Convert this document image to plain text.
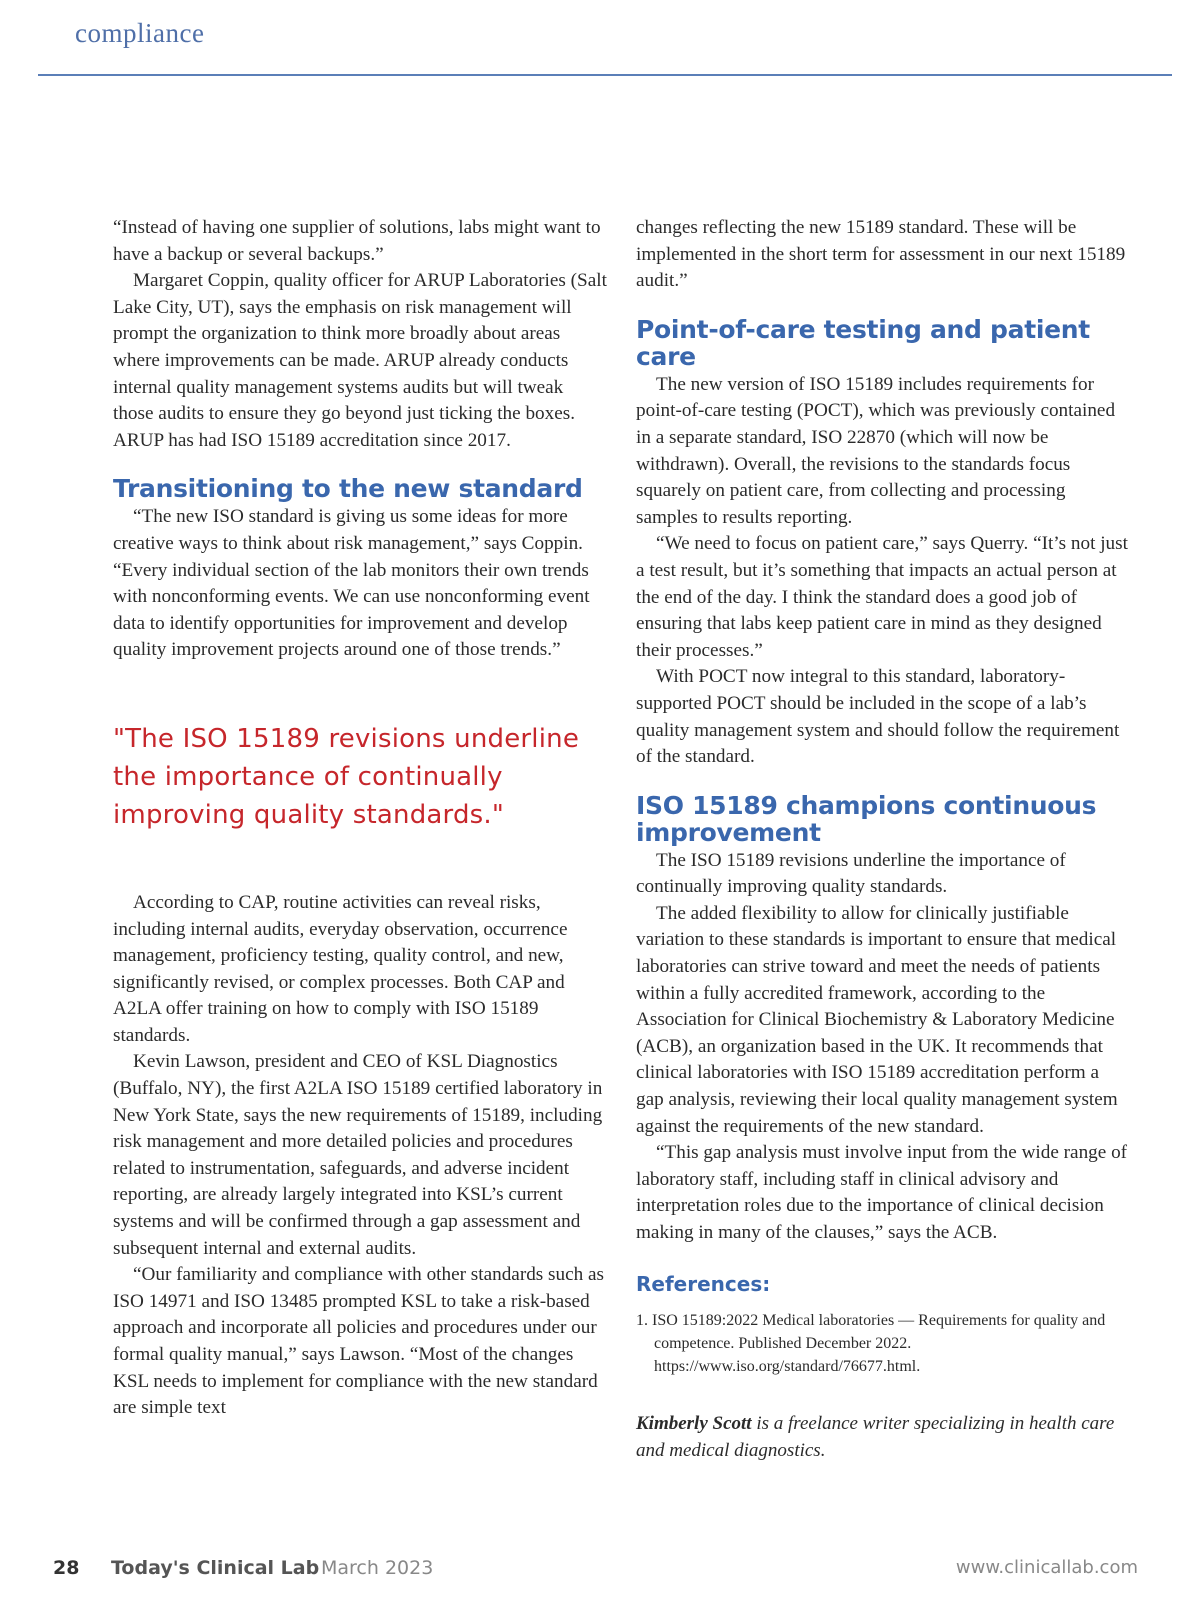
compliance

“Instead of having one supplier of solutions, labs might want to have a backup or several backups.”

Margaret Coppin, quality officer for ARUP Laboratories (Salt Lake City, UT), says the emphasis on risk management will prompt the organization to think more broadly about areas where improvements can be made. ARUP already conducts internal quality management systems audits but will tweak those audits to ensure they go beyond just ticking the boxes. ARUP has had ISO 15189 accreditation since 2017.

Transitioning to the new standard

“The new ISO standard is giving us some ideas for more creative ways to think about risk management,” says Coppin. “Every individual section of the lab monitors their own trends with nonconforming events. We can use nonconforming event data to identify opportunities for improvement and develop quality improvement projects around one of those trends.”

"The ISO 15189 revisions underline the importance of continually improving quality standards."

According to CAP, routine activities can reveal risks, including internal audits, everyday observation, occurrence management, proficiency testing, quality control, and new, significantly revised, or complex processes. Both CAP and A2LA offer training on how to comply with ISO 15189 standards.

Kevin Lawson, president and CEO of KSL Diagnostics (Buffalo, NY), the first A2LA ISO 15189 certified laboratory in New York State, says the new requirements of 15189, including risk management and more detailed policies and procedures related to instrumentation, safeguards, and adverse incident reporting, are already largely integrated into KSL’s current systems and will be confirmed through a gap assessment and subsequent internal and external audits.

“Our familiarity and compliance with other standards such as ISO 14971 and ISO 13485 prompted KSL to take a risk-based approach and incorporate all policies and procedures under our formal quality manual,” says Lawson. “Most of the changes KSL needs to implement for compliance with the new standard are simple text

changes reflecting the new 15189 standard. These will be implemented in the short term for assessment in our next 15189 audit.”

Point-of-care testing and patient care

The new version of ISO 15189 includes requirements for point-of-care testing (POCT), which was previously contained in a separate standard, ISO 22870 (which will now be withdrawn). Overall, the revisions to the standards focus squarely on patient care, from collecting and processing samples to results reporting.

“We need to focus on patient care,” says Querry. “It’s not just a test result, but it’s something that impacts an actual person at the end of the day. I think the standard does a good job of ensuring that labs keep patient care in mind as they designed their processes.”

With POCT now integral to this standard, laboratory-supported POCT should be included in the scope of a lab’s quality management system and should follow the requirement of the standard.

ISO 15189 champions continuous improvement

The ISO 15189 revisions underline the importance of continually improving quality standards.

The added flexibility to allow for clinically justifiable variation to these standards is important to ensure that medical laboratories can strive toward and meet the needs of patients within a fully accredited framework, according to the Association for Clinical Biochemistry & Laboratory Medicine (ACB), an organization based in the UK. It recommends that clinical laboratories with ISO 15189 accreditation perform a gap analysis, reviewing their local quality management system against the requirements of the new standard.

“This gap analysis must involve input from the wide range of laboratory staff, including staff in clinical advisory and interpretation roles due to the importance of clinical decision making in many of the clauses,” says the ACB.

References:
1. ISO 15189:2022 Medical laboratories — Requirements for quality and competence. Published December 2022. https://www.iso.org/standard/76677.html.
Kimberly Scott is a freelance writer specializing in health care and medical diagnostics.
28 Today's Clinical Lab March 2023	www.clinicallab.com
